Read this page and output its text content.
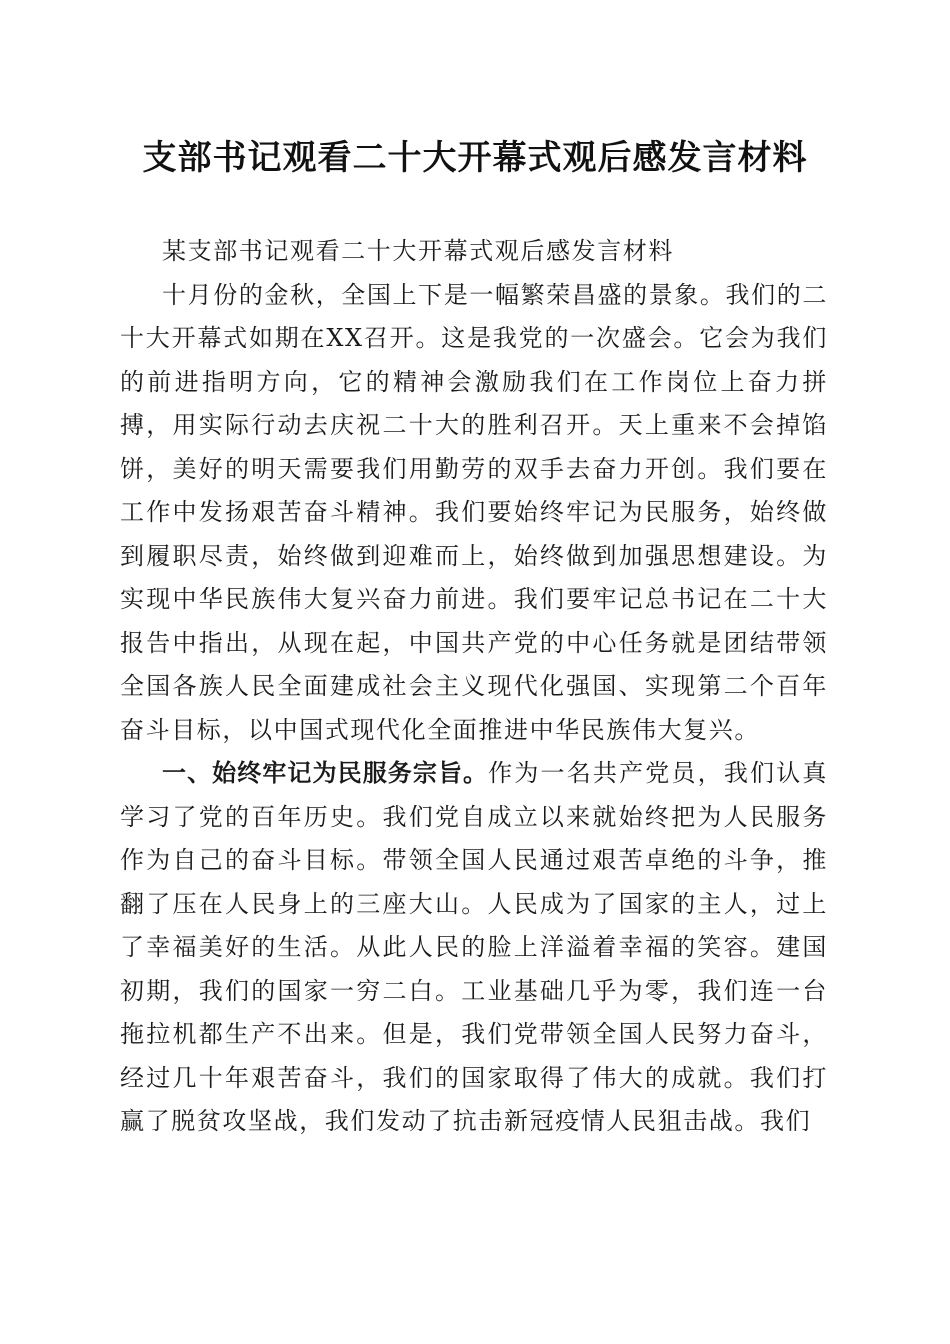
支部书记观看二十大开幕式观后感发言材料

某支部书记观看二十大开幕式观后感发言材料

十月份的金秋，全国上下是一幅繁荣昌盛的景象。我们的二十大开幕式如期在XX召开。这是我党的一次盛会。它会为我们的前进指明方向，它的精神会激励我们在工作岗位上奋力拼搏，用实际行动去庆祝二十大的胜利召开。天上重来不会掉馅饼，美好的明天需要我们用勤劳的双手去奋力开创。我们要在工作中发扬艰苦奋斗精神。我们要始终牢记为民服务，始终做到履职尽责，始终做到迎难而上，始终做到加强思想建设。为实现中华民族伟大复兴奋力前进。我们要牢记总书记在二十大报告中指出，从现在起，中国共产党的中心任务就是团结带领全国各族人民全面建成社会主义现代化强国、实现第二个百年奋斗目标，以中国式现代化全面推进中华民族伟大复兴。

一、始终牢记为民服务宗旨。作为一名共产党员，我们认真学习了党的百年历史。我们党自成立以来就始终把为人民服务作为自己的奋斗目标。带领全国人民通过艰苦卓绝的斗争，推翻了压在人民身上的三座大山。人民成为了国家的主人，过上了幸福美好的生活。从此人民的脸上洋溢着幸福的笑容。建国初期，我们的国家一穷二白。工业基础几乎为零，我们连一台拖拉机都生产不出来。但是，我们党带领全国人民努力奋斗，经过几十年艰苦奋斗，我们的国家取得了伟大的成就。我们打赢了脱贫攻坚战，我们发动了抗击新冠疫情人民狙击战。我们
